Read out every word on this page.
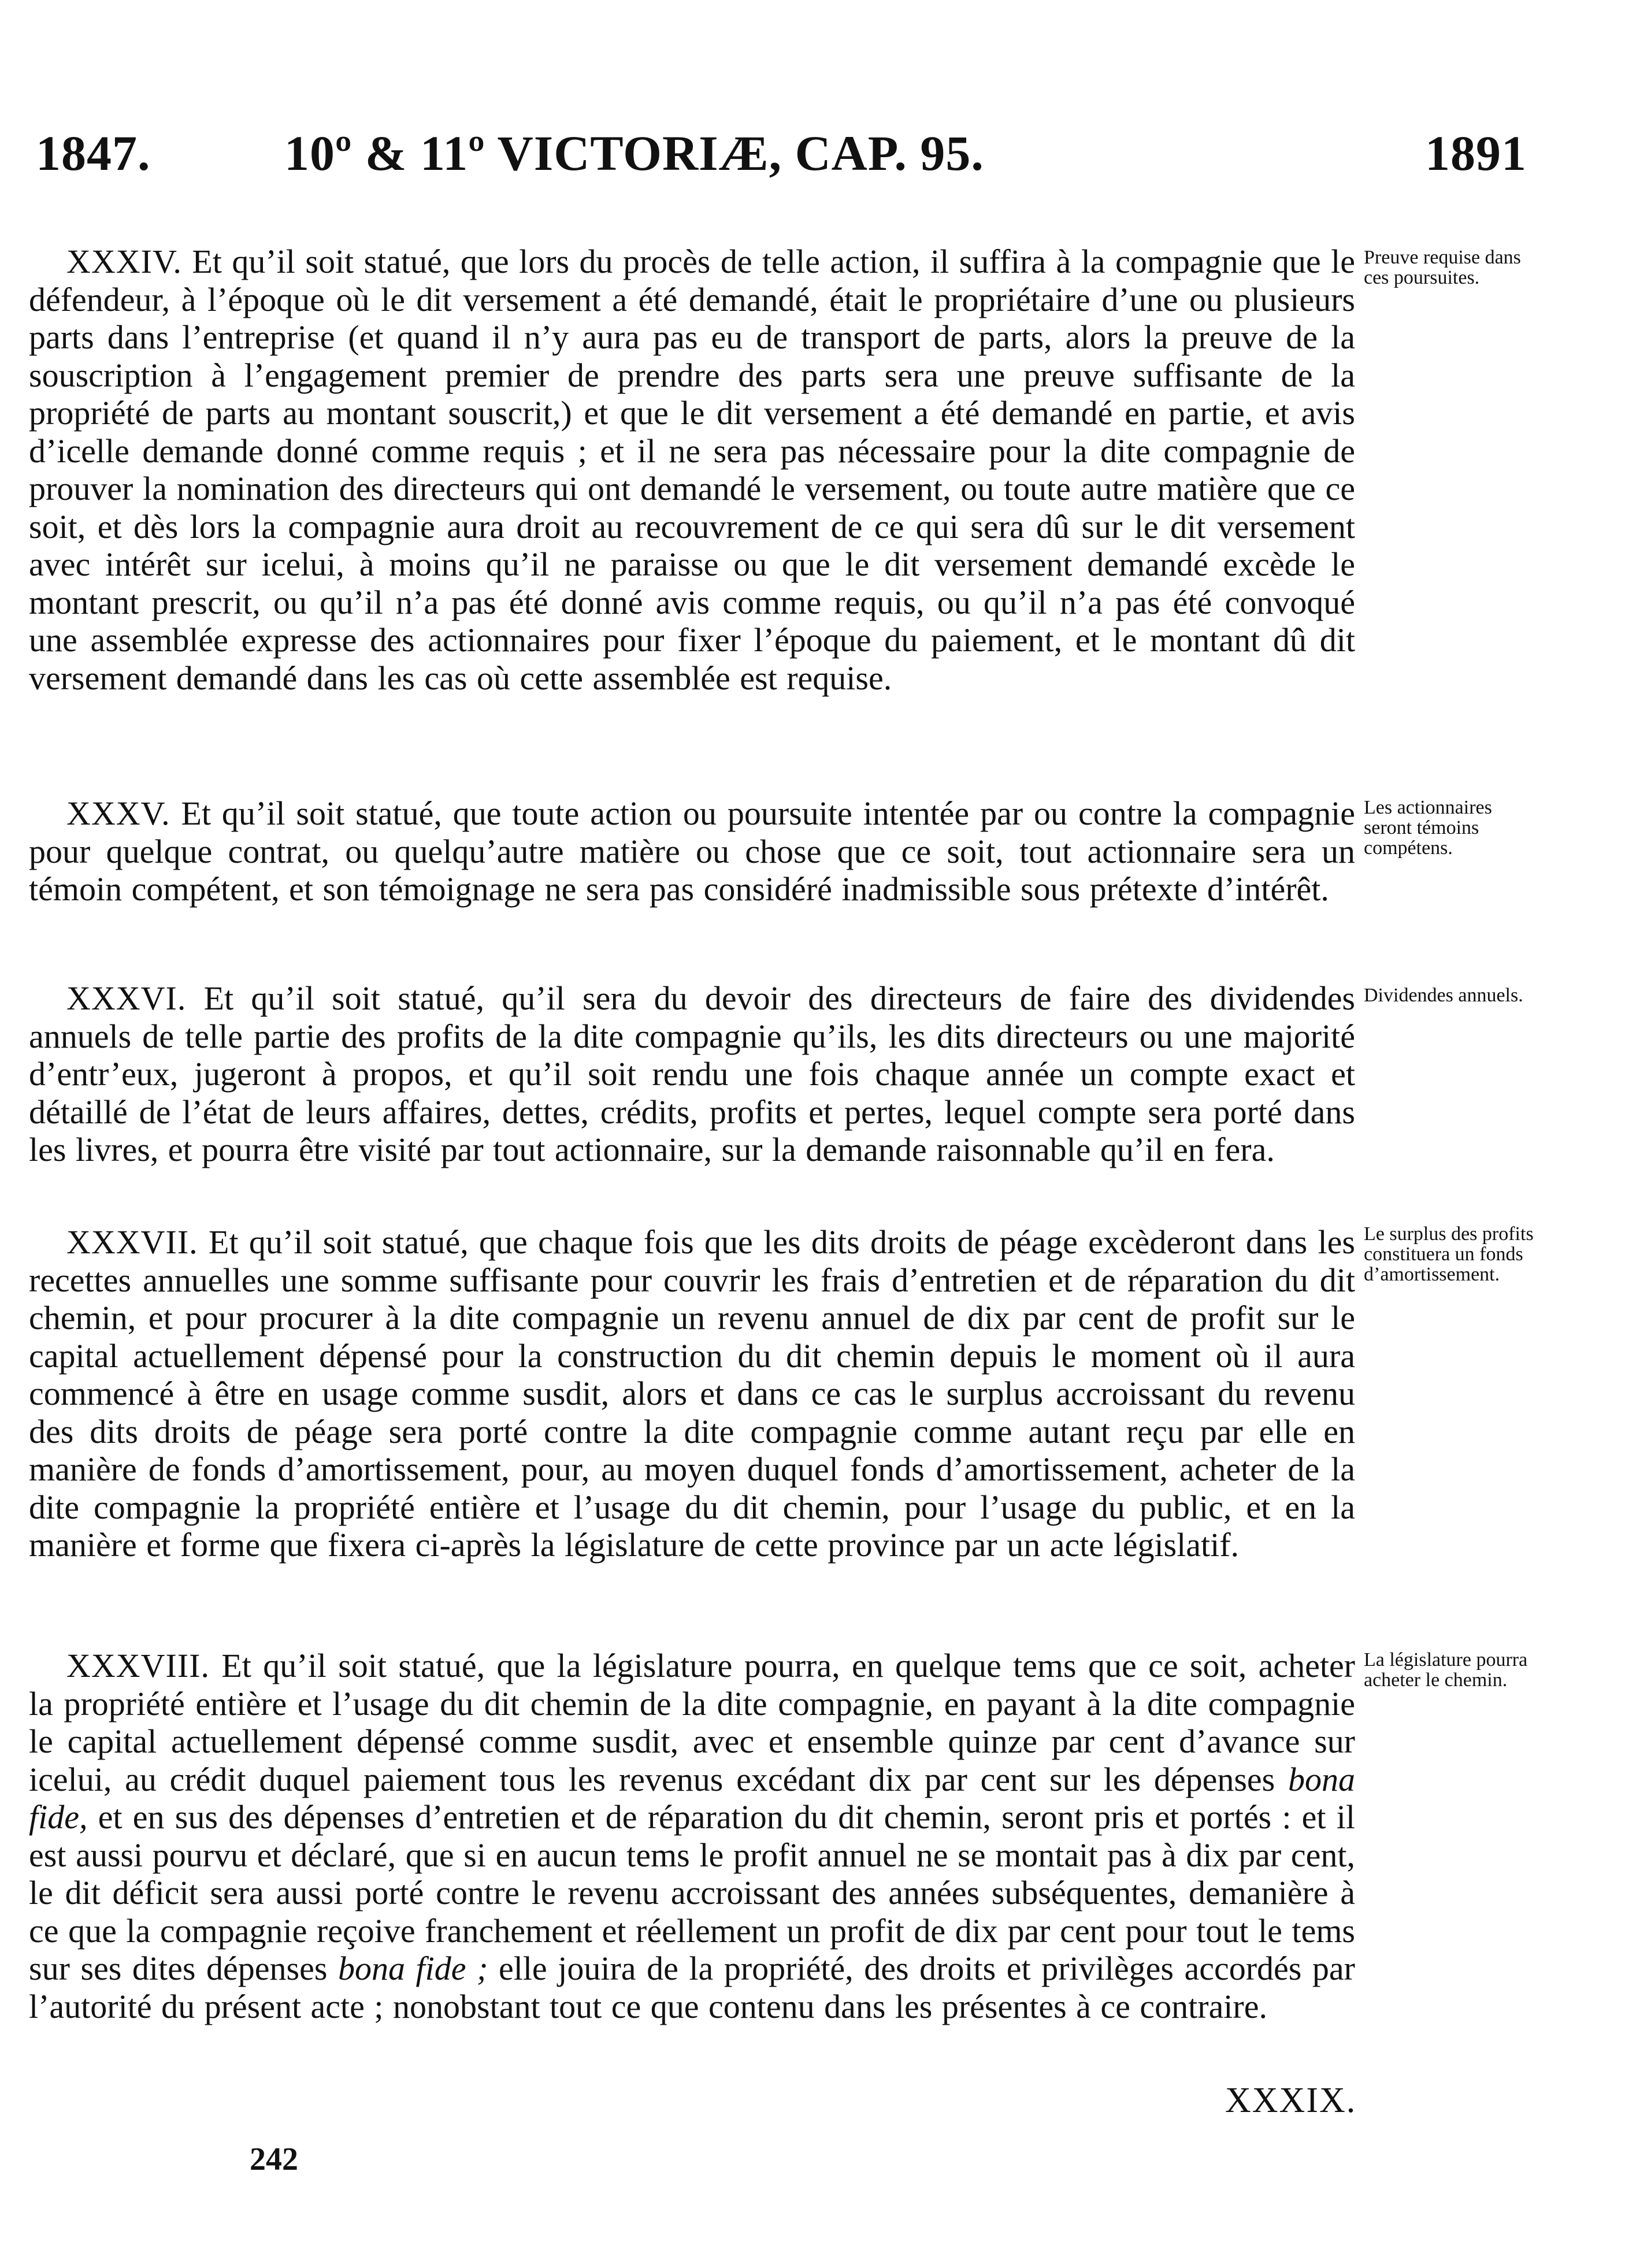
1847.	10º & 11º VICTORIÆ, CAP. 95.	1891

XXXIV. Et qu’il soit statué, que lors du procès de telle action, il suffira à la compagnie que le défendeur, à l’époque où le dit versement a été demandé, était le propriétaire d’une ou plusieurs parts dans l’entreprise (et quand il n’y aura pas eu de transport de parts, alors la preuve de la souscription à l’engagement premier de prendre des parts sera une preuve suffisante de la propriété de parts au montant souscrit,) et que le dit versement a été demandé en partie, et avis d’icelle demande donné comme requis ; et il ne sera pas nécessaire pour la dite compagnie de prouver la nomination des directeurs qui ont demandé le versement, ou toute autre matière que ce soit, et dès lors la compagnie aura droit au recouvrement de ce qui sera dû sur le dit versement avec intérêt sur icelui, à moins qu’il ne paraisse ou que le dit versement demandé excède le montant prescrit, ou qu’il n’a pas été donné avis comme requis, ou qu’il n’a pas été convoqué une assemblée expresse des actionnaires pour fixer l’époque du paiement, et le montant dû dit versement demandé dans les cas où cette assemblée est requise.

XXXV. Et qu’il soit statué, que toute action ou poursuite intentée par ou contre la compagnie pour quelque contrat, ou quelqu’autre matière ou chose que ce soit, tout actionnaire sera un témoin compétent, et son témoignage ne sera pas considéré inadmissible sous prétexte d’intérêt.

XXXVI. Et qu’il soit statué, qu’il sera du devoir des directeurs de faire des dividendes annuels de telle partie des profits de la dite compagnie qu’ils, les dits directeurs ou une majorité d’entr’eux, jugeront à propos, et qu’il soit rendu une fois chaque année un compte exact et détaillé de l’état de leurs affaires, dettes, crédits, profits et pertes, lequel compte sera porté dans les livres, et pourra être visité par tout actionnaire, sur la demande raisonnable qu’il en fera.

XXXVII. Et qu’il soit statué, que chaque fois que les dits droits de péage excèderont dans les recettes annuelles une somme suffisante pour couvrir les frais d’entretien et de réparation du dit chemin, et pour procurer à la dite compagnie un revenu annuel de dix par cent de profit sur le capital actuellement dépensé pour la construction du dit chemin depuis le moment où il aura commencé à être en usage comme susdit, alors et dans ce cas le surplus accroissant du revenu des dits droits de péage sera porté contre la dite compagnie comme autant reçu par elle en manière de fonds d’amortissement, pour, au moyen duquel fonds d’amortissement, acheter de la dite compagnie la propriété entière et l’usage du dit chemin, pour l’usage du public, et en la manière et forme que fixera ci-après la législature de cette province par un acte législatif.

XXXVIII. Et qu’il soit statué, que la législature pourra, en quelque tems que ce soit, acheter la propriété entière et l’usage du dit chemin de la dite compagnie, en payant à la dite compagnie le capital actuellement dépensé comme susdit, avec et ensemble quinze par cent d’avance sur icelui, au crédit duquel paiement tous les revenus excédant dix par cent sur les dépenses bona fide, et en sus des dépenses d’entretien et de réparation du dit chemin, seront pris et portés : et il est aussi pourvu et déclaré, que si en aucun tems le profit annuel ne se montait pas à dix par cent, le dit déficit sera aussi porté contre le revenu accroissant des années subséquentes, demanière à ce que la compagnie reçoive franchement et réellement un profit de dix par cent pour tout le tems sur ses dites dépenses bona fide ; elle jouira de la propriété, des droits et privilèges accordés par l’autorité du présent acte ; nonobstant tout ce que contenu dans les présentes à ce contraire.

Preuve requise dans ces poursuites.
Les actionnaires seront témoins compétens.
Dividendes annuels.
Le surplus des profits constituera un fonds d’amortissement.
La législature pourra acheter le chemin.
XXXIX.
242
